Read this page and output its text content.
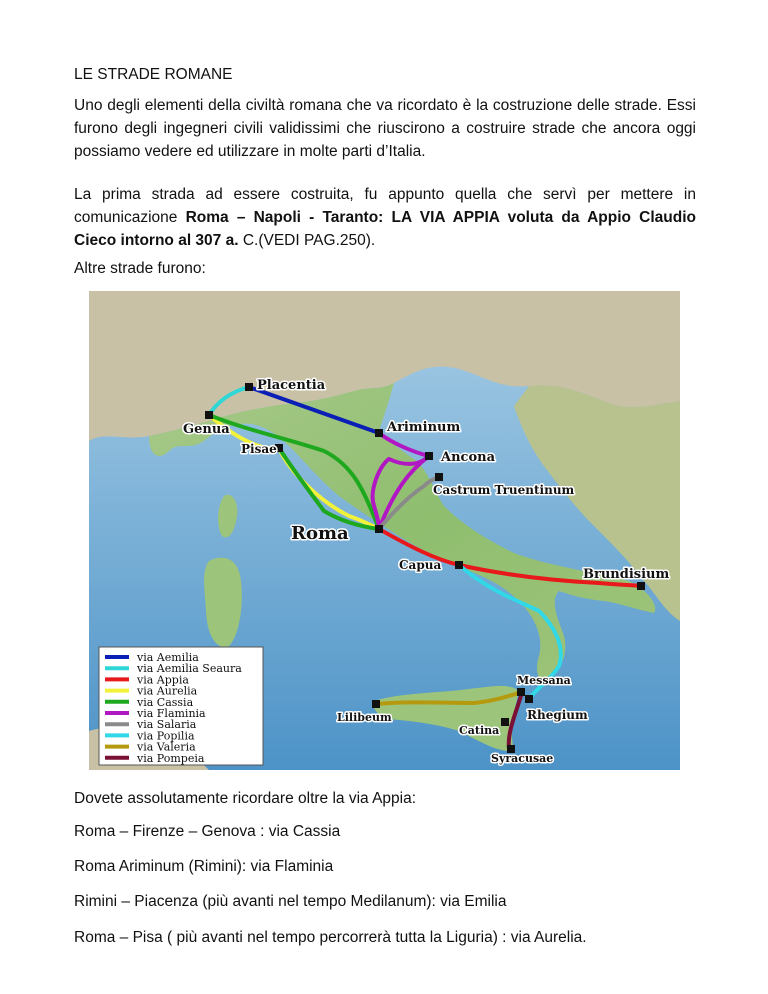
LE STRADE ROMANE
Uno degli elementi della civiltà romana che va ricordato è la costruzione delle strade. Essi furono degli ingegneri civili validissimi che riuscirono a costruire strade che ancora oggi possiamo vedere ed utilizzare in molte parti d’Italia.
La prima strada ad essere costruita, fu appunto quella che servì per mettere in comunicazione Roma – Napoli - Taranto: LA VIA APPIA voluta da Appio Claudio Cieco intorno al 307 a. C.(VEDI PAG.250).
Altre strade furono:
Placentia
Ariminum
Genua
Pisae
Ancona
Castrum Truentinum
Roma
Capua
Brundisium
Messana
Rhegium
Lilibeum
Catina
Syracusae
via Aemilia
via Aemilia Seaura
via Appia
via Aurelia
via Cassia
via Flaminia
via Salaria
via Popilia
via Valeria
via Pompeia
Dovete assolutamente ricordare oltre la via Appia:
Roma – Firenze – Genova : via Cassia
Roma Ariminum (Rimini): via Flaminia
Rimini – Piacenza (più avanti nel tempo Medilanum): via Emilia
Roma – Pisa ( più avanti nel tempo percorrerà tutta la Liguria) : via Aurelia.
